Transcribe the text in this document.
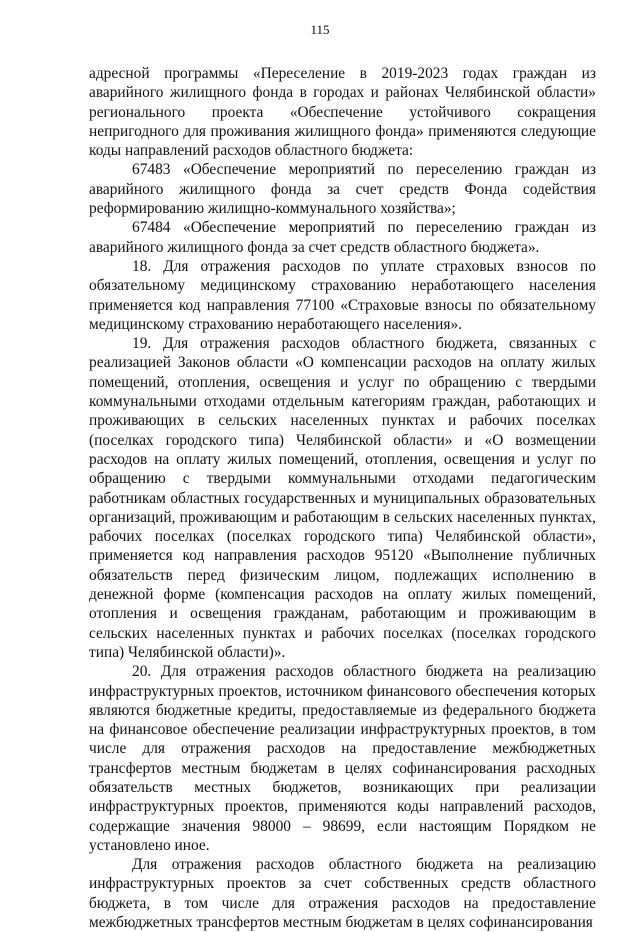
115

адресной программы «Переселение в 2019-2023 годах граждан из аварийного жилищного фонда в городах и районах Челябинской области» регионального проекта «Обеспечение устойчивого сокращения непригодного для проживания жилищного фонда» применяются следующие коды направлений расходов областного бюджета:

67483 «Обеспечение мероприятий по переселению граждан из аварийного жилищного фонда за счет средств Фонда содействия реформированию жилищно-коммунального хозяйства»;

67484 «Обеспечение мероприятий по переселению граждан из аварийного жилищного фонда за счет средств областного бюджета».

18. Для отражения расходов по уплате страховых взносов по обязательному медицинскому страхованию неработающего населения применяется код направления 77100 «Страховые взносы по обязательному медицинскому страхованию неработающего населения».

19. Для отражения расходов областного бюджета, связанных с реализацией Законов области «О компенсации расходов на оплату жилых помещений, отопления, освещения и услуг по обращению с твердыми коммунальными отходами отдельным категориям граждан, работающих и проживающих в сельских населенных пунктах и рабочих поселках (поселках городского типа) Челябинской области» и «О возмещении расходов на оплату жилых помещений, отопления, освещения и услуг по обращению с твердыми коммунальными отходами педагогическим работникам областных государственных и муниципальных образовательных организаций, проживающим и работающим в сельских населенных пунктах, рабочих поселках (поселках городского типа) Челябинской области», применяется код направления расходов 95120 «Выполнение публичных обязательств перед физическим лицом, подлежащих исполнению в денежной форме (компенсация расходов на оплату жилых помещений, отопления и освещения гражданам, работающим и проживающим в сельских населенных пунктах и рабочих поселках (поселках городского типа) Челябинской области)».

20. Для отражения расходов областного бюджета на реализацию инфраструктурных проектов, источником финансового обеспечения которых являются бюджетные кредиты, предоставляемые из федерального бюджета на финансовое обеспечение реализации инфраструктурных проектов, в том числе для отражения расходов на предоставление межбюджетных трансфертов местным бюджетам в целях софинансирования расходных обязательств местных бюджетов, возникающих при реализации инфраструктурных проектов, применяются коды направлений расходов, содержащие значения 98000 – 98699, если настоящим Порядком не установлено иное.

Для отражения расходов областного бюджета на реализацию инфраструктурных проектов за счет собственных средств областного бюджета, в том числе для отражения расходов на предоставление межбюджетных трансфертов местным бюджетам в целях софинансирования
